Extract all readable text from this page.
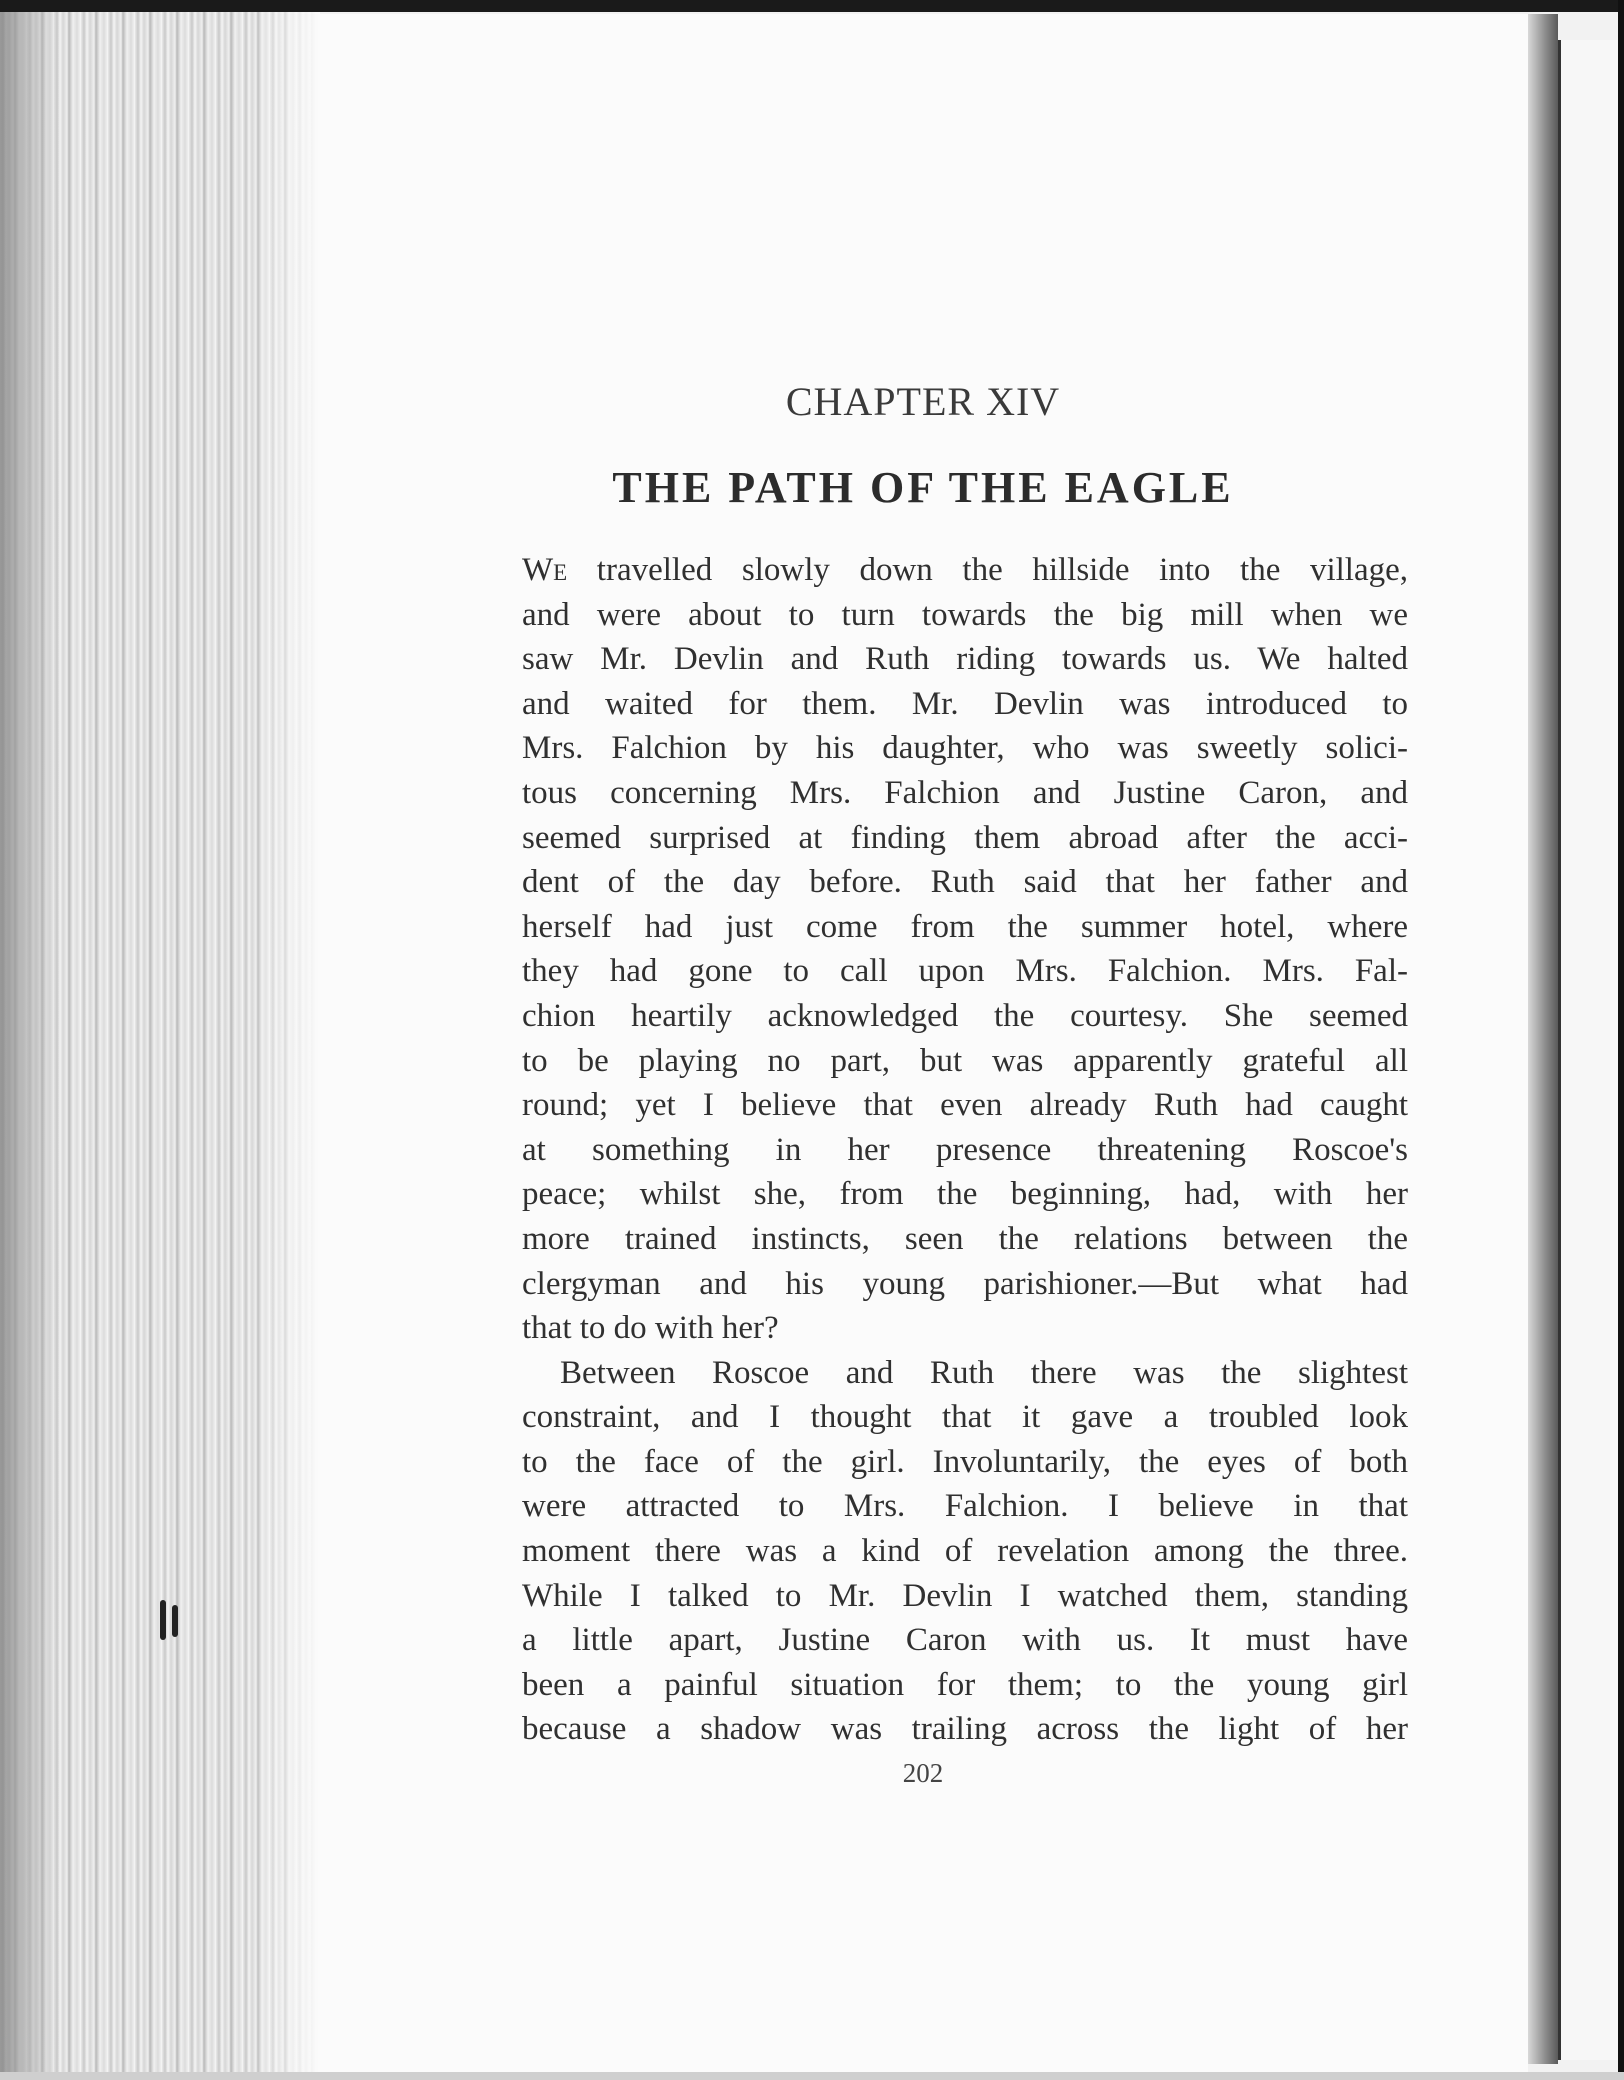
CHAPTER XIV
THE PATH OF THE EAGLE

We travelled slowly down the hillside into the village,
and were about to turn towards the big mill when we
saw Mr. Devlin and Ruth riding towards us. We halted
and waited for them. Mr. Devlin was introduced to
Mrs. Falchion by his daughter, who was sweetly solici-
tous concerning Mrs. Falchion and Justine Caron, and
seemed surprised at finding them abroad after the acci-
dent of the day before. Ruth said that her father and
herself had just come from the summer hotel, where
they had gone to call upon Mrs. Falchion. Mrs. Fal-
chion heartily acknowledged the courtesy. She seemed
to be playing no part, but was apparently grateful all
round; yet I believe that even already Ruth had caught
at something in her presence threatening Roscoe's
peace; whilst she, from the beginning, had, with her
more trained instincts, seen the relations between the
clergyman and his young parishioner.—But what had
that to do with her?

Between Roscoe and Ruth there was the slightest
constraint, and I thought that it gave a troubled look
to the face of the girl. Involuntarily, the eyes of both
were attracted to Mrs. Falchion. I believe in that
moment there was a kind of revelation among the three.
While I talked to Mr. Devlin I watched them, standing
a little apart, Justine Caron with us. It must have
been a painful situation for them; to the young girl
because a shadow was trailing across the light of her

202
